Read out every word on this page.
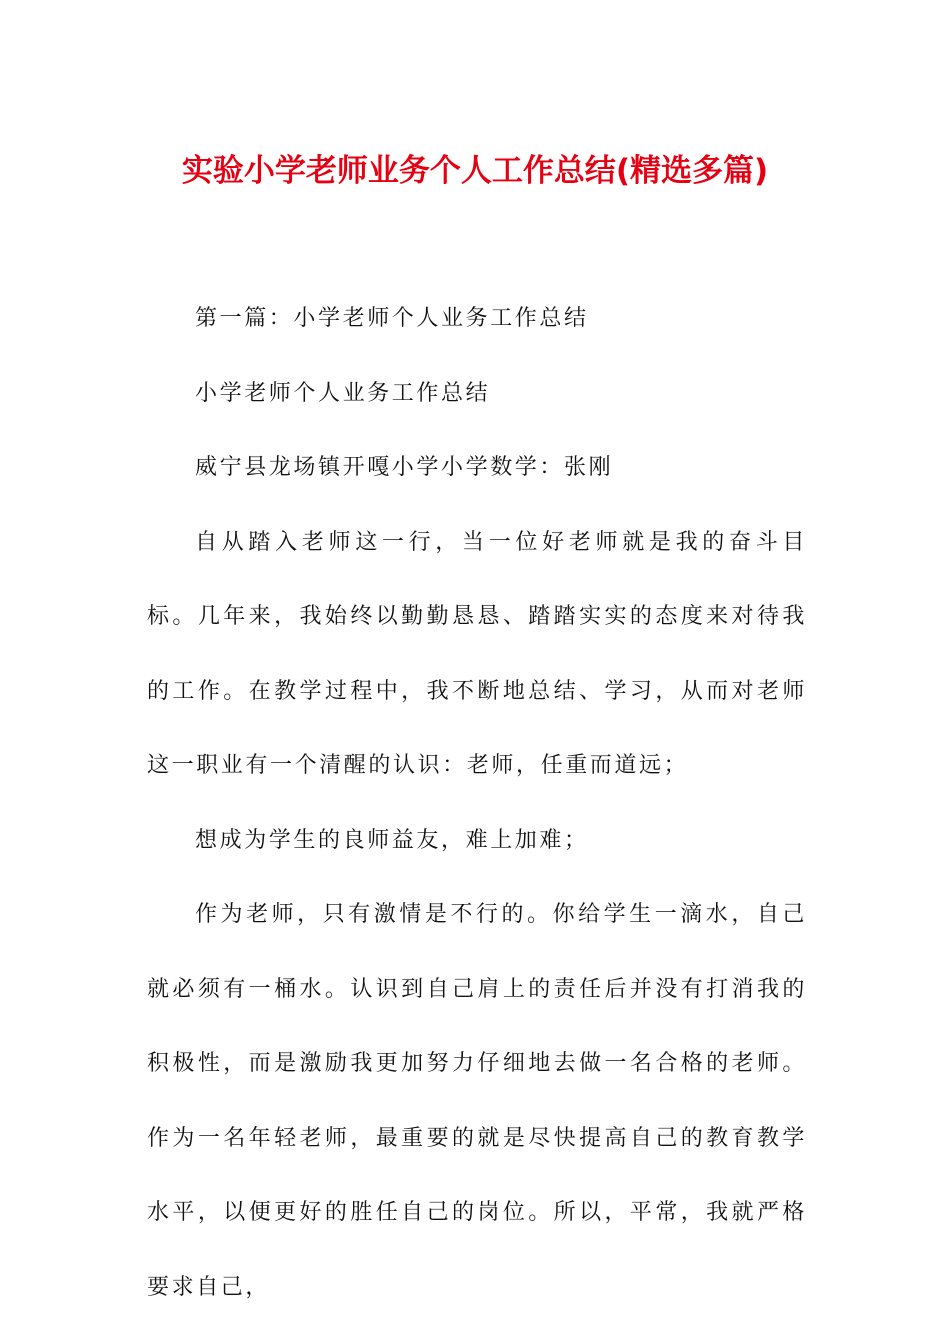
实验小学老师业务个人工作总结(精选多篇)

第一篇：小学老师个人业务工作总结

小学老师个人业务工作总结

威宁县龙场镇开嘎小学小学数学：张刚

自从踏入老师这一行，当一位好老师就是我的奋斗目标。几年来，我始终以勤勤恳恳、踏踏实实的态度来对待我的工作。在教学过程中，我不断地总结、学习，从而对老师这一职业有一个清醒的认识：老师，任重而道远；

想成为学生的良师益友，难上加难；

作为老师，只有激情是不行的。你给学生一滴水，自己就必须有一桶水。认识到自己肩上的责任后并没有打消我的积极性，而是激励我更加努力仔细地去做一名合格的老师。作为一名年轻老师，最重要的就是尽快提高自己的教育教学水平，以便更好的胜任自己的岗位。所以，平常，我就严格要求自己，
